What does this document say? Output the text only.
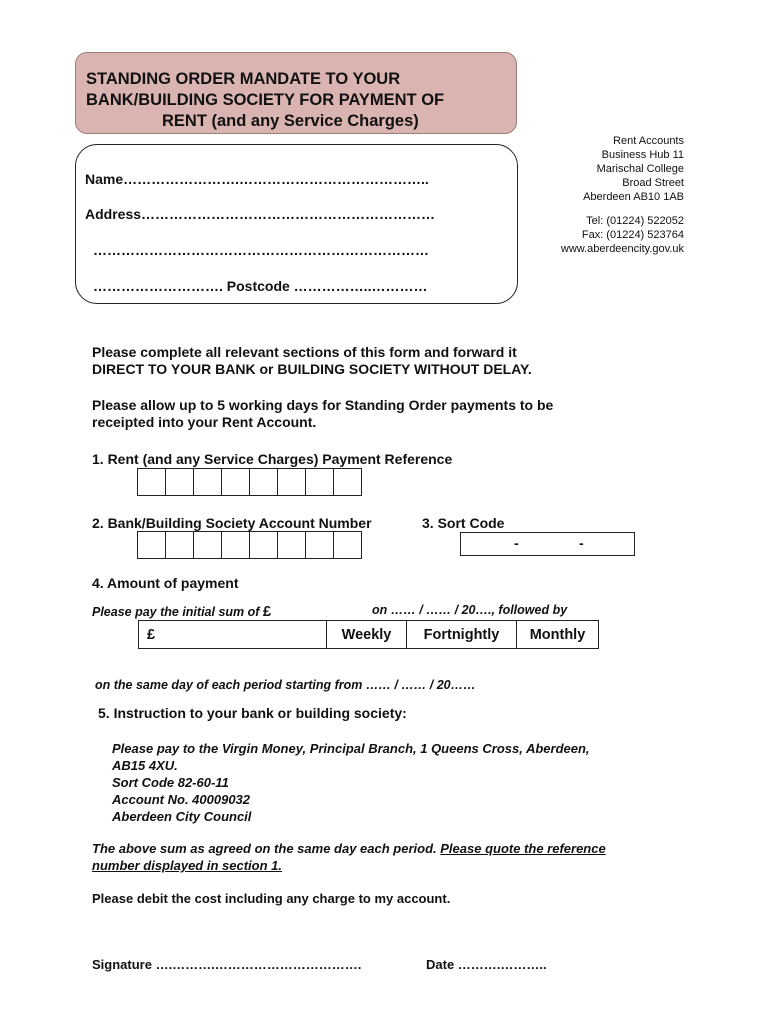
STANDING ORDER MANDATE TO YOUR
BANK/BUILDING SOCIETY FOR PAYMENT OF
RENT (and any Service Charges)
Name…………………….…………………………………..
Address………………………………………………………
………………………………………………………………
………………………. Postcode ……………..…………
Rent Accounts
Business Hub 11
Marischal College
Broad Street
Aberdeen AB10 1AB
Tel: (01224) 522052
Fax: (01224) 523764
www.aberdeencity.gov.uk
Please complete all relevant sections of this form and forward it
DIRECT TO YOUR BANK or BUILDING SOCIETY WITHOUT DELAY.
Please allow up to 5 working days for Standing Order payments to be
receipted into your Rent Account.
1. Rent (and any Service Charges) Payment Reference

2. Bank/Building Society Account Number	3. Sort Code

-	-
4. Amount of payment
Please pay the initial sum of £	on …… / …… / 20…., followed by
£	Weekly	Fortnightly	Monthly
on the same day of each period starting from …… / …… / 20……
5. Instruction to your bank or building society:
Please pay to the Virgin Money, Principal Branch, 1 Queens Cross, Aberdeen,
AB15 4XU.
Sort Code 82-60-11
Account No. 40009032
Aberdeen City Council
The above sum as agreed on the same day each period. Please quote the reference
number displayed in section 1.
Please debit the cost including any charge to my account.
Signature ….……….…………………………….	Date ……….………..
